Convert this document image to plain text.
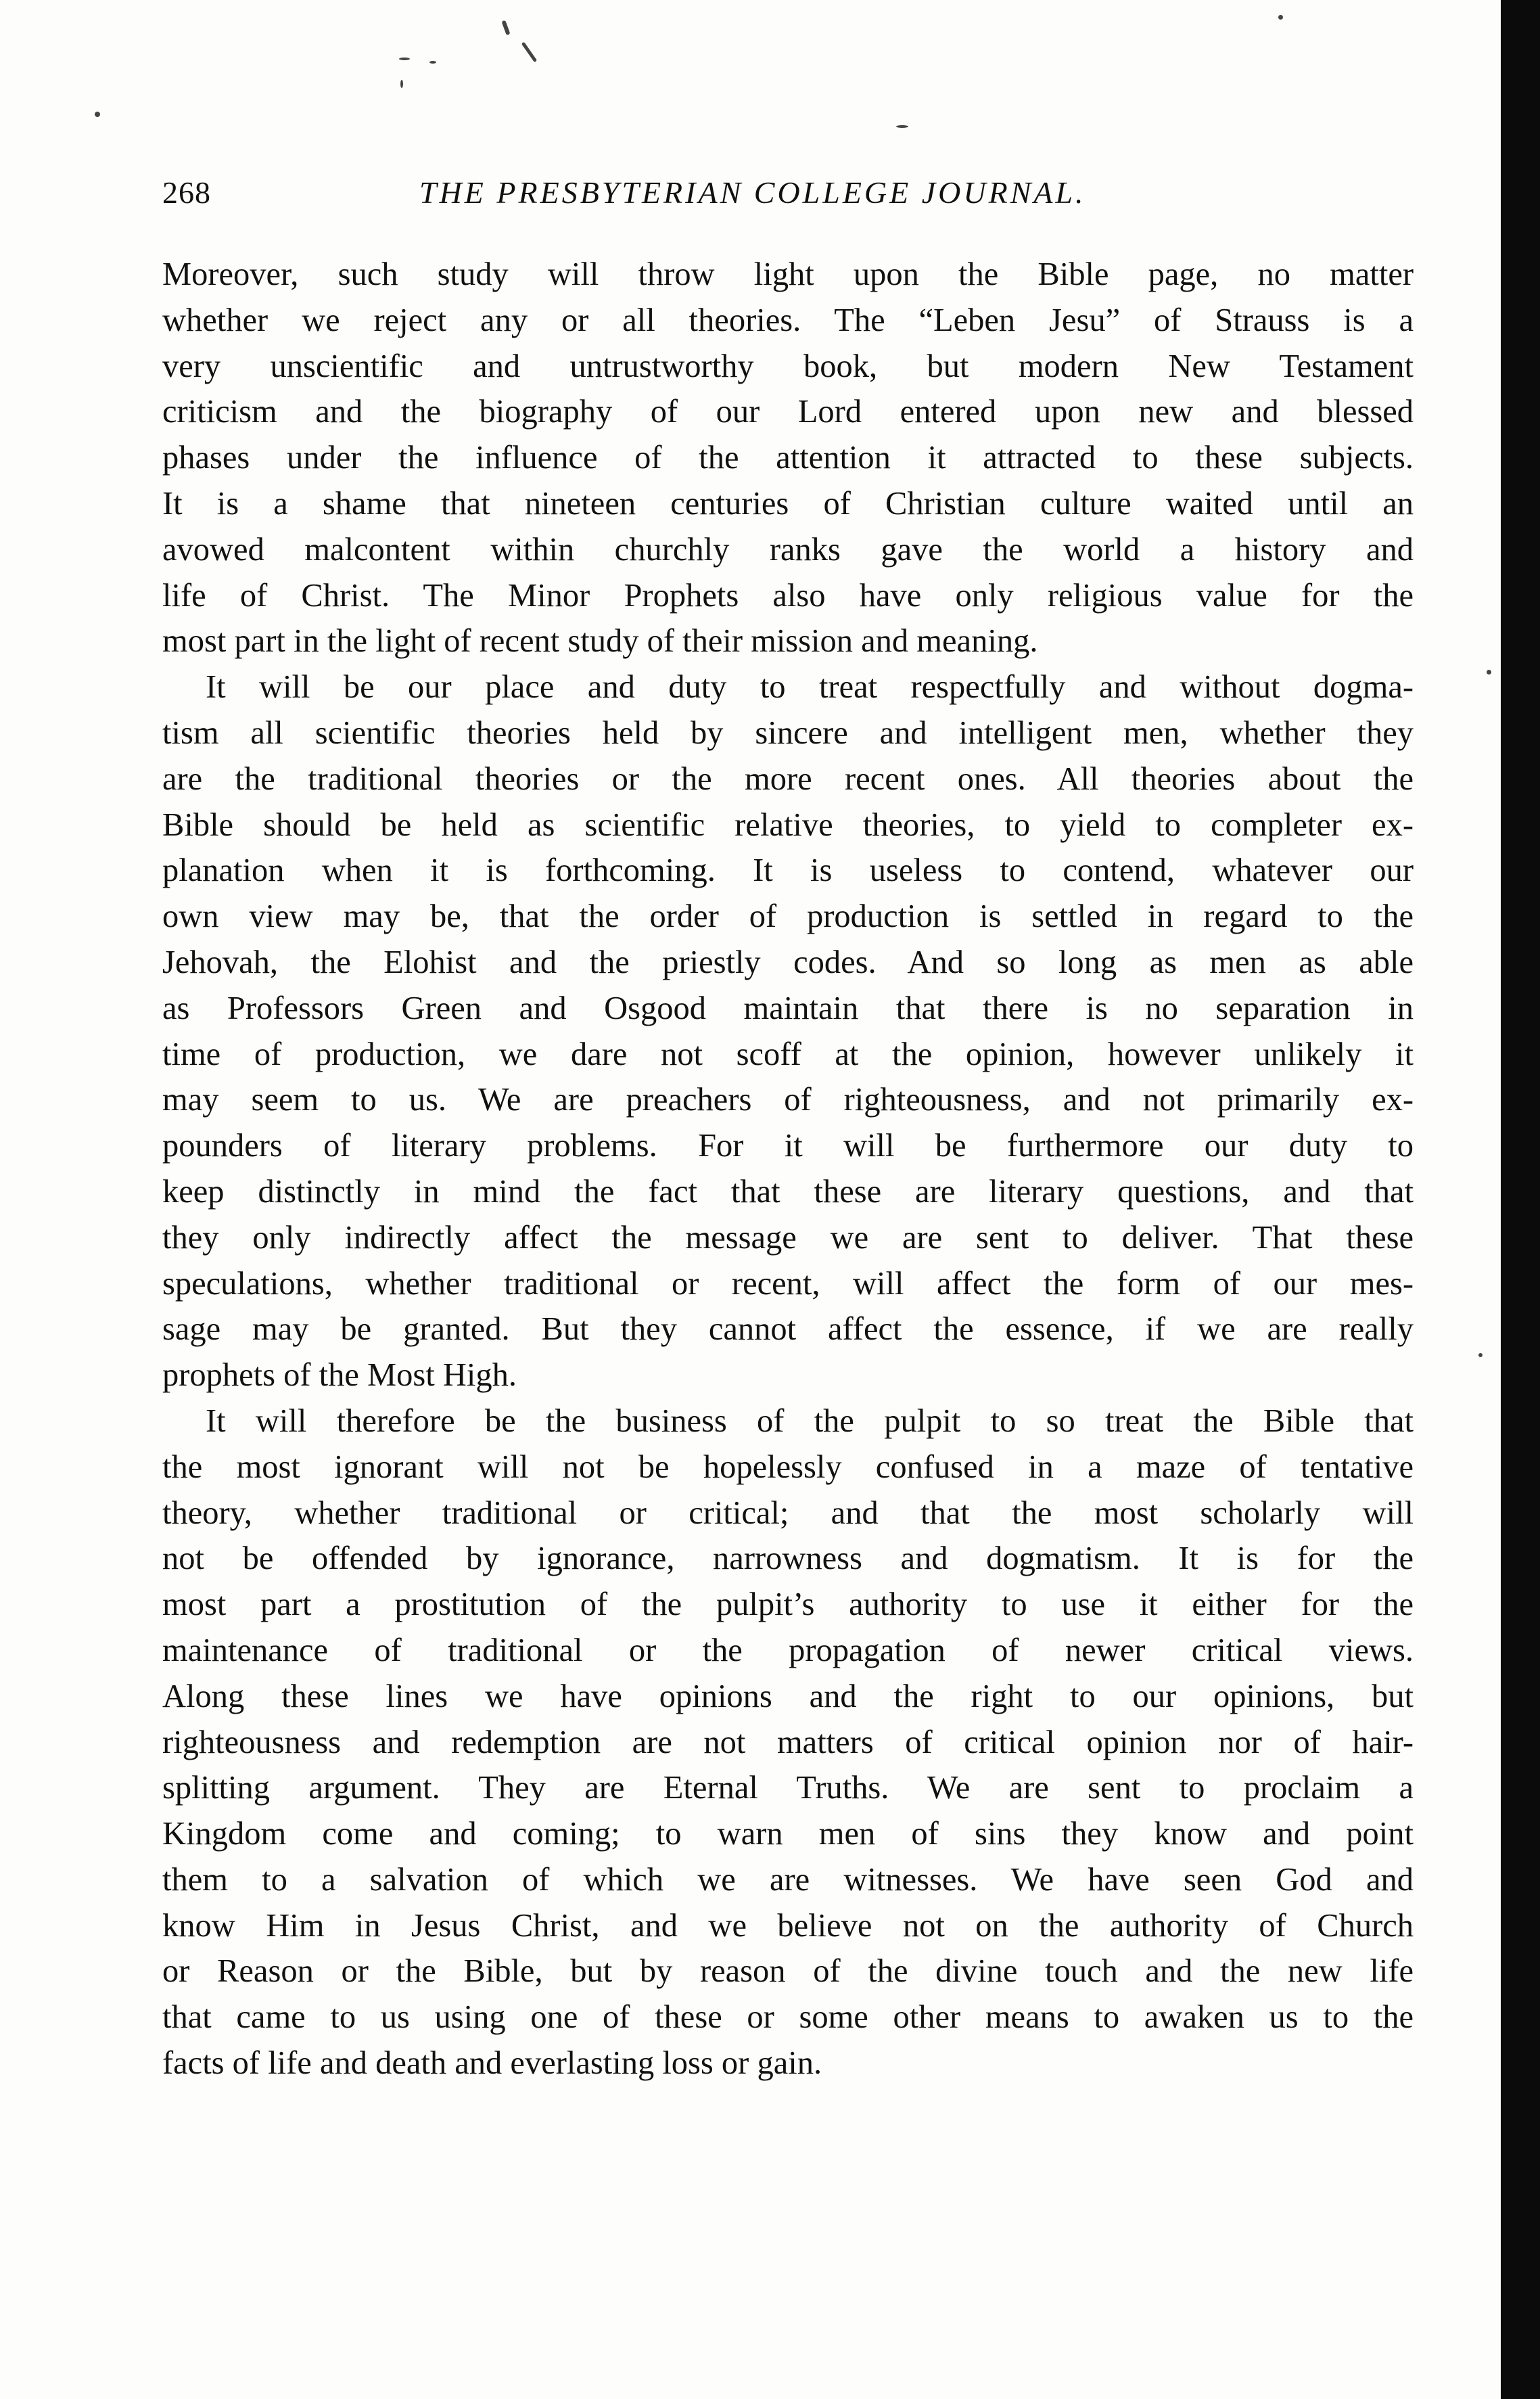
268	THE PRESBYTERIAN COLLEGE JOURNAL.

Moreover, such study will throw light upon the Bible page, no matter
whether we reject any or all theories. The “Leben Jesu” of Strauss is a
very unscientific and untrustworthy book, but modern New Testament
criticism and the biography of our Lord entered upon new and blessed
phases under the influence of the attention it attracted to these subjects.
It is a shame that nineteen centuries of Christian culture waited until an
avowed malcontent within churchly ranks gave the world a history and
life of Christ. The Minor Prophets also have only religious value for the
most part in the light of recent study of their mission and meaning.

It will be our place and duty to treat respectfully and without dogma-
tism all scientific theories held by sincere and intelligent men, whether they
are the traditional theories or the more recent ones. All theories about the
Bible should be held as scientific relative theories, to yield to completer ex-
planation when it is forthcoming. It is useless to contend, whatever our
own view may be, that the order of production is settled in regard to the
Jehovah, the Elohist and the priestly codes. And so long as men as able
as Professors Green and Osgood maintain that there is no separation in
time of production, we dare not scoff at the opinion, however unlikely it
may seem to us. We are preachers of righteousness, and not primarily ex-
pounders of literary problems. For it will be furthermore our duty to
keep distinctly in mind the fact that these are literary questions, and that
they only indirectly affect the message we are sent to deliver. That these
speculations, whether traditional or recent, will affect the form of our mes-
sage may be granted. But they cannot affect the essence, if we are really
prophets of the Most High.

It will therefore be the business of the pulpit to so treat the Bible that
the most ignorant will not be hopelessly confused in a maze of tentative
theory, whether traditional or critical; and that the most scholarly will
not be offended by ignorance, narrowness and dogmatism. It is for the
most part a prostitution of the pulpit’s authority to use it either for the
maintenance of traditional or the propagation of newer critical views.
Along these lines we have opinions and the right to our opinions, but
righteousness and redemption are not matters of critical opinion nor of hair-
splitting argument. They are Eternal Truths. We are sent to proclaim a
Kingdom come and coming; to warn men of sins they know and point
them to a salvation of which we are witnesses. We have seen God and
know Him in Jesus Christ, and we believe not on the authority of Church
or Reason or the Bible, but by reason of the divine touch and the new life
that came to us using one of these or some other means to awaken us to the
facts of life and death and everlasting loss or gain.
